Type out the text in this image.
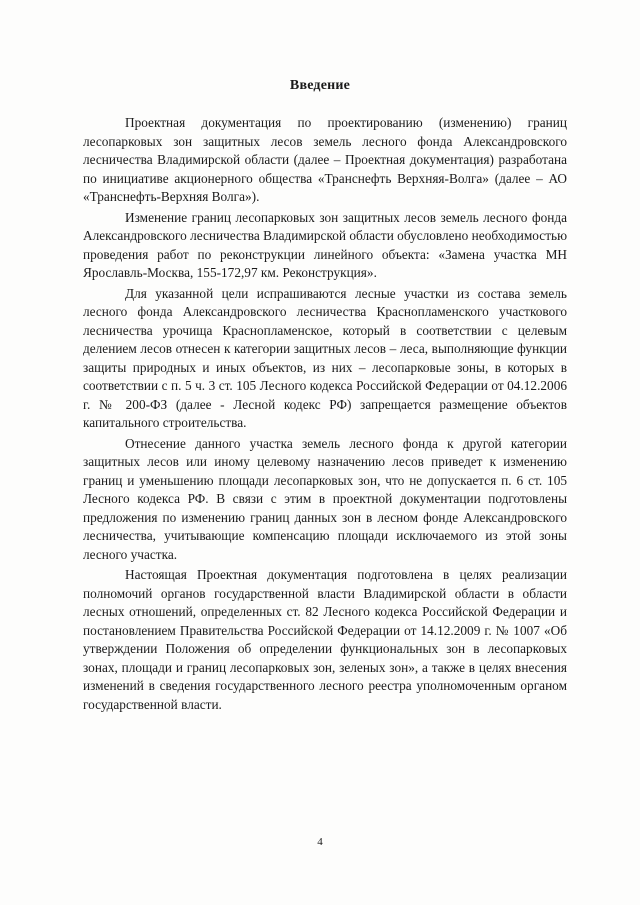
Введение

Проектная документация по проектированию (изменению) границ лесопарковых зон защитных лесов земель лесного фонда Александровского лесничества Владимирской области (далее – Проектная документация) разработана по инициативе акционерного общества «Транснефть Верхняя-Волга» (далее – АО «Транснефть-Верхняя Волга»).

Изменение границ лесопарковых зон защитных лесов земель лесного фонда Александровского лесничества Владимирской области обусловлено необходимостью проведения работ по реконструкции линейного объекта: «Замена участка МН Ярославль-Москва, 155-172,97 км. Реконструкция».

Для указанной цели испрашиваются лесные участки из состава земель лесного фонда Александровского лесничества Краснопламенского участкового лесничества урочища Краснопламенское, который в соответствии с целевым делением лесов отнесен к категории защитных лесов – леса, выполняющие функции защиты природных и иных объектов, из них – лесопарковые зоны, в которых в соответствии с п. 5 ч. 3 ст. 105 Лесного кодекса Российской Федерации от 04.12.2006 г. № 200-ФЗ (далее - Лесной кодекс РФ) запрещается размещение объектов капитального строительства.

Отнесение данного участка земель лесного фонда к другой категории защитных лесов или иному целевому назначению лесов приведет к изменению границ и уменьшению площади лесопарковых зон, что не допускается п. 6 ст. 105 Лесного кодекса РФ. В связи с этим в проектной документации подготовлены предложения по изменению границ данных зон в лесном фонде Александровского лесничества, учитывающие компенсацию площади исключаемого из этой зоны лесного участка.

Настоящая Проектная документация подготовлена в целях реализации полномочий органов государственной власти Владимирской области в области лесных отношений, определенных ст. 82 Лесного кодекса Российской Федерации и постановлением Правительства Российской Федерации от 14.12.2009 г. № 1007 «Об утверждении Положения об определении функциональных зон в лесопарковых зонах, площади и границ лесопарковых зон, зеленых зон», а также в целях внесения изменений в сведения государственного лесного реестра уполномоченным органом государственной власти.

4
